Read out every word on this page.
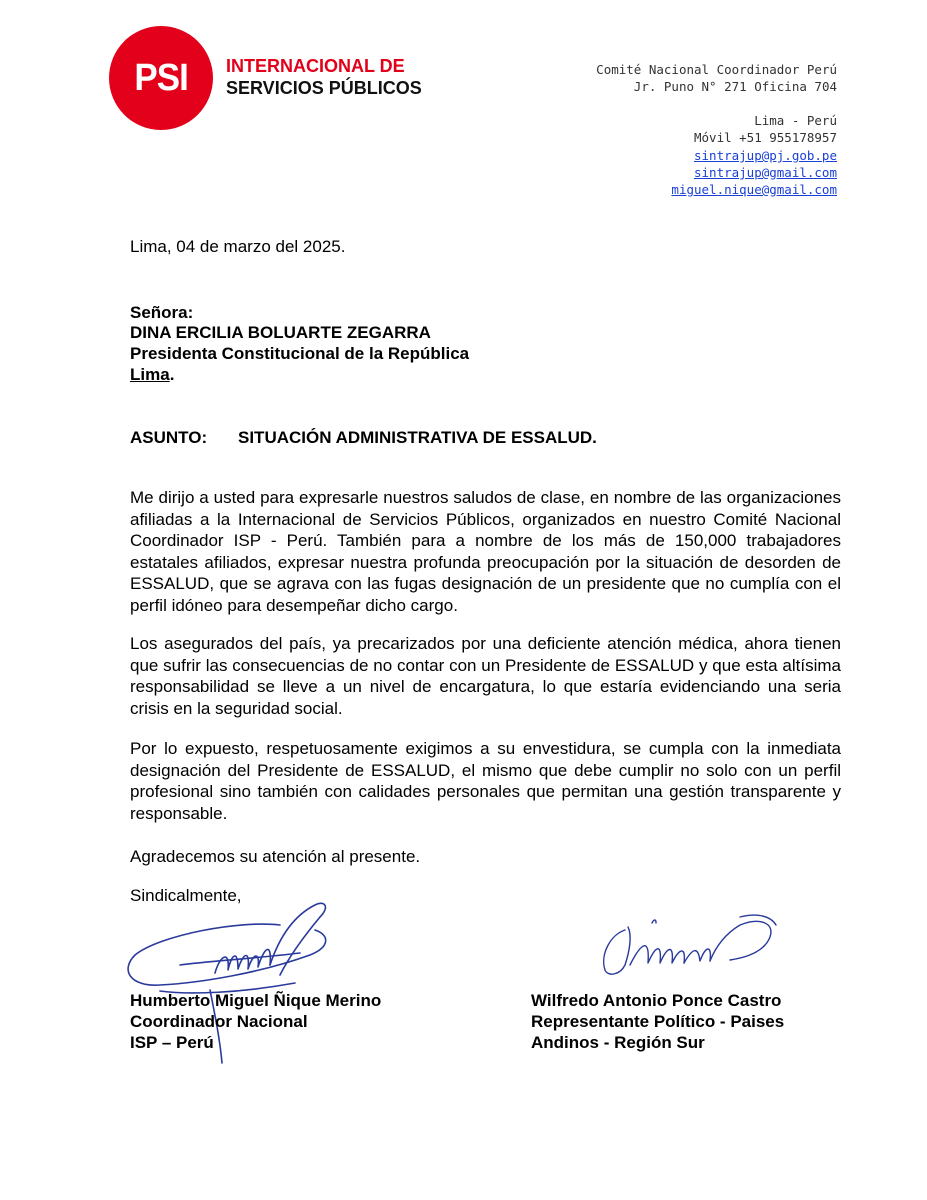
PSI INTERNACIONAL DE
SERVICIOS PÚBLICOS
Comité Nacional Coordinador Perú
Jr. Puno N° 271 Oficina 704
Lima - Perú
Móvil +51 955178957
sintrajup@pj.gob.pe
sintrajup@gmail.com
miguel.nique@gmail.com
Lima, 04 de marzo del 2025.
Señora:
DINA ERCILIA BOLUARTE ZEGARRA
Presidenta Constitucional de la República
Lima.
ASUNTO: SITUACIÓN ADMINISTRATIVA DE ESSALUD.

Me dirijo a usted para expresarle nuestros saludos de clase, en nombre de las organizaciones afiliadas a la Internacional de Servicios Públicos, organizados en nuestro Comité Nacional Coordinador ISP - Perú. También para a nombre de los más de 150,000 trabajadores estatales afiliados, expresar nuestra profunda preocupación por la situación de desorden de ESSALUD, que se agrava con las fugas designación de un presidente que no cumplía con el perfil idóneo para desempeñar dicho cargo.

Los asegurados del país, ya precarizados por una deficiente atención médica, ahora tienen que sufrir las consecuencias de no contar con un Presidente de ESSALUD y que esta altísima responsabilidad se lleve a un nivel de encargatura, lo que estaría evidenciando una seria crisis en la seguridad social.

Por lo expuesto, respetuosamente exigimos a su envestidura, se cumpla con la inmediata designación del Presidente de ESSALUD, el mismo que debe cumplir no solo con un perfil profesional sino también con calidades personales que permitan una gestión transparente y responsable.

Agradecemos su atención al presente.
Sindicalmente,
Humberto Miguel Ñique Merino
Coordinador Nacional
ISP – Perú
Wilfredo Antonio Ponce Castro
Representante Político - Paises
Andinos - Región Sur
